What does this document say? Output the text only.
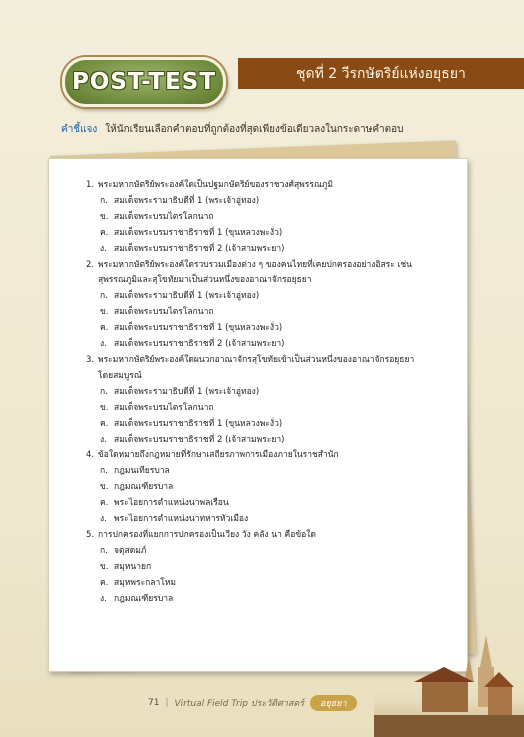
POST-TEST	ชุดที่ 2 วีรกษัตริย์แห่งอยุธยา
คำชี้แจง ให้นักเรียนเลือกคำตอบที่ถูกต้องที่สุดเพียงข้อเดียวลงในกระดาษคำตอบ
1. พระมหากษัตริย์พระองค์ใดเป็นปฐมกษัตริย์ของราชวงศ์สุพรรณภูมิ
ก. สมเด็จพระรามาธิบดีที่ 1 (พระเจ้าอู่ทอง)
ข. สมเด็จพระบรมไตรโลกนาถ
ค. สมเด็จพระบรมราชาธิราชที่ 1 (ขุนหลวงพะงั่ว)
ง. สมเด็จพระบรมราชาธิราชที่ 2 (เจ้าสามพระยา)
2. พระมหากษัตริย์พระองค์ใดรวบรวมเมืองต่าง ๆ ของคนไทยที่เคยปกครองอย่างอิสระ เช่น
สุพรรณภูมิและสุโขทัยมาเป็นส่วนหนึ่งของอาณาจักรอยุธยา
ก. สมเด็จพระรามาธิบดีที่ 1 (พระเจ้าอู่ทอง)
ข. สมเด็จพระบรมไตรโลกนาถ
ค. สมเด็จพระบรมราชาธิราชที่ 1 (ขุนหลวงพะงั่ว)
ง. สมเด็จพระบรมราชาธิราชที่ 2 (เจ้าสามพระยา)
3. พระมหากษัตริย์พระองค์ใดผนวกอาณาจักรสุโขทัยเข้าเป็นส่วนหนึ่งของอาณาจักรอยุธยา
โดยสมบูรณ์
ก. สมเด็จพระรามาธิบดีที่ 1 (พระเจ้าอู่ทอง)
ข. สมเด็จพระบรมไตรโลกนาถ
ค. สมเด็จพระบรมราชาธิราชที่ 1 (ขุนหลวงพะงั่ว)
ง. สมเด็จพระบรมราชาธิราชที่ 2 (เจ้าสามพระยา)
4. ข้อใดหมายถึงกฎหมายที่รักษาเสถียรภาพการเมืองภายในราชสำนัก
ก. กฎมนเทียรบาล
ข. กฎมณเฑียรบาล
ค. พระไอยการตำแหน่งนาพลเรือน
ง. พระไอยการตำแหน่งนาทหารหัวเมือง
5. การปกครองที่แยกการปกครองเป็นเวียง วัง คลัง นา คือข้อใด
ก. จตุสดมภ์
ข. สมุหนายก
ค. สมุหพระกลาโหม
ง. กฎมณเฑียรบาล
71 | Virtual Field Trip ประวัติศาสตร์	อยุธยา
